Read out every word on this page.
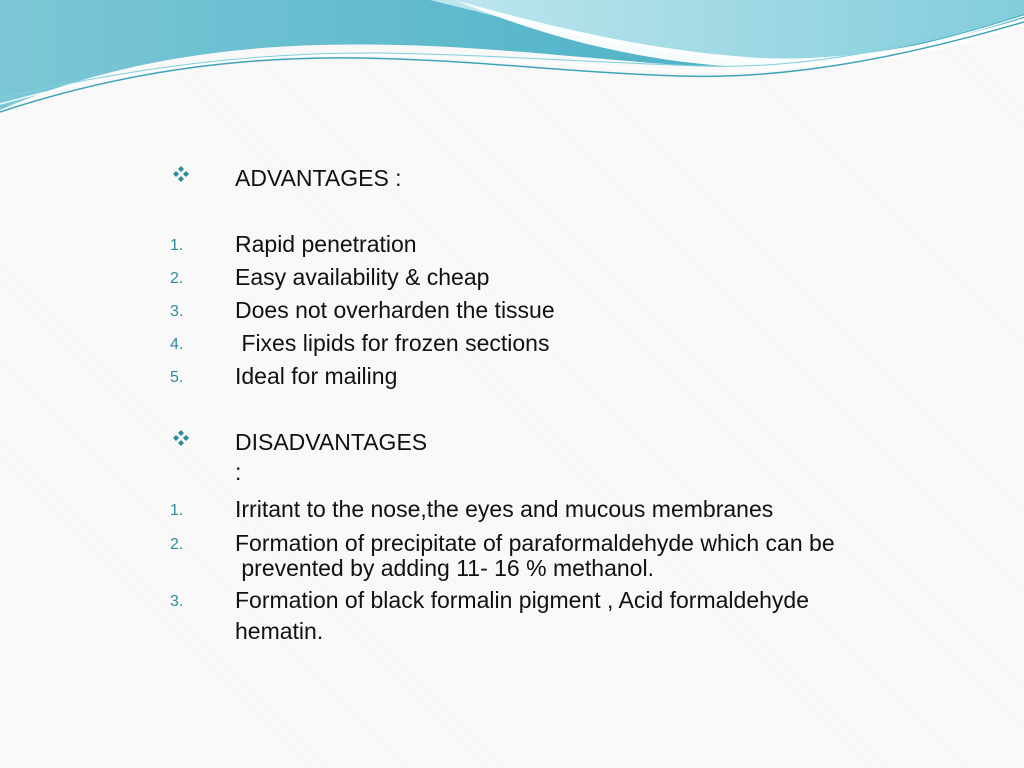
ADVANTAGES :
1. Rapid penetration
2. Easy availability & cheap
3. Does not overharden the tissue
4. Fixes lipids for frozen sections
5. Ideal for mailing
DISADVANTAGES
:
1. Irritant to the nose,the eyes and mucous membranes
2. Formation of precipitate of paraformaldehyde which can be
prevented by adding 11- 16 % methanol.
3. Formation of black formalin pigment , Acid formaldehyde
hematin.
